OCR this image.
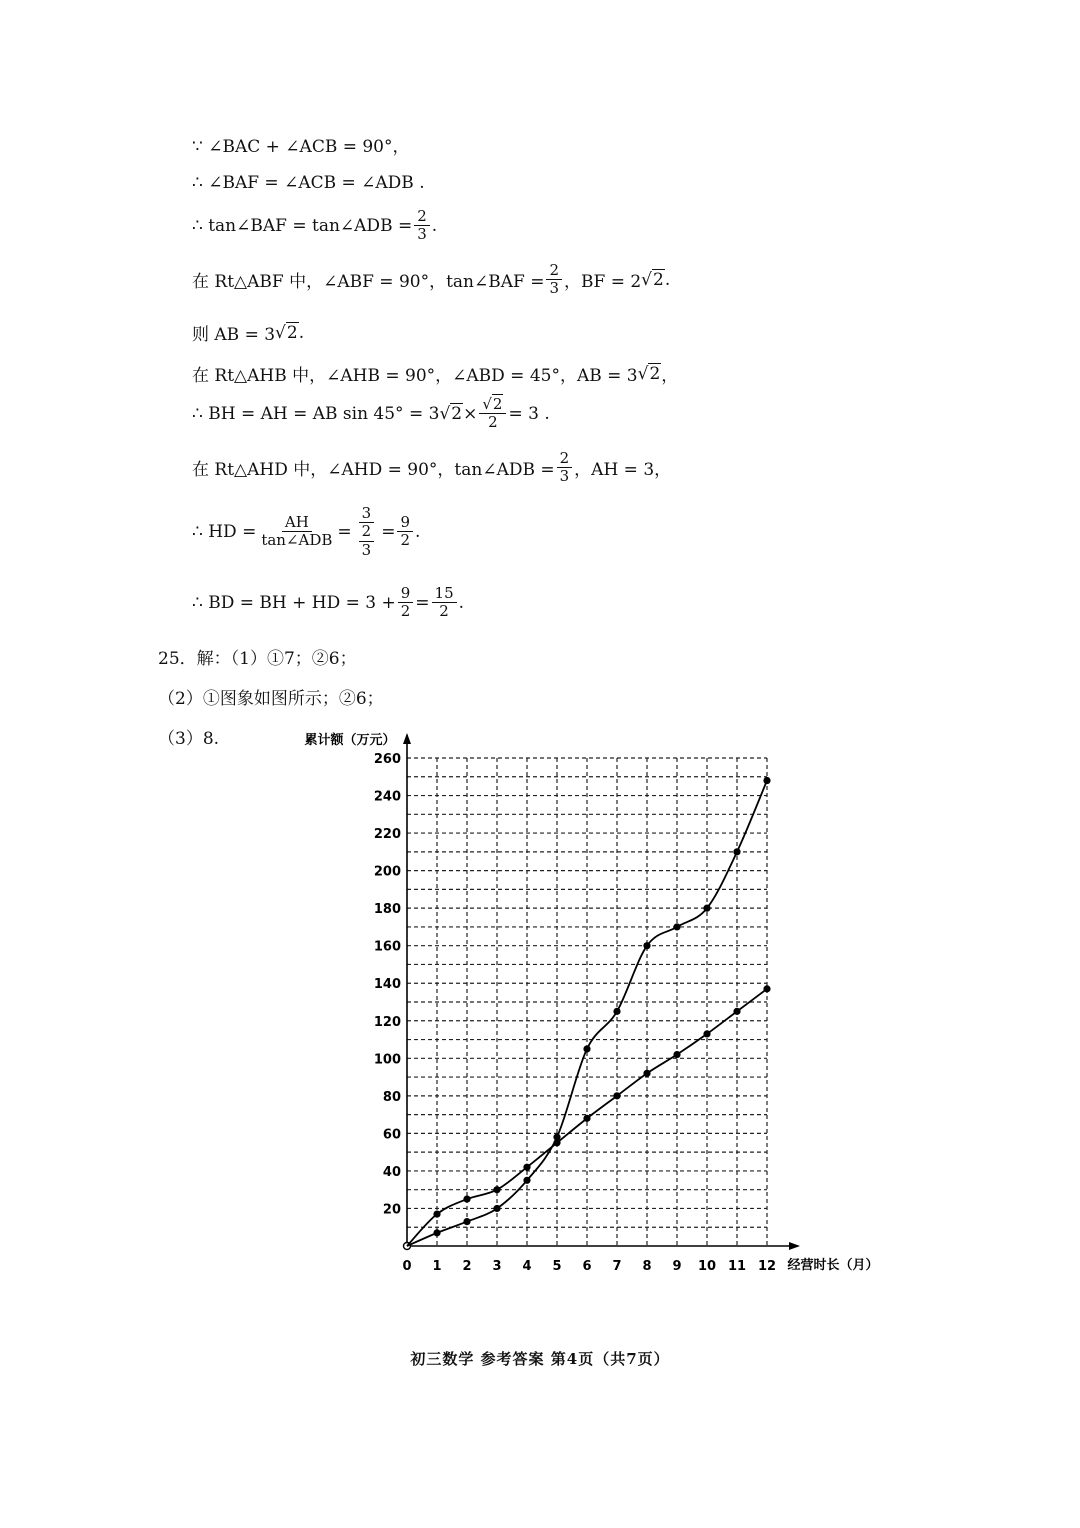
∵ ∠BAC + ∠ACB = 90°，
∴ ∠BAF = ∠ACB = ∠ADB .
∴ tan∠BAF = tan∠ADB = $\frac{2}{3}$ .
在 Rt△ABF 中，∠ABF = 90°，tan∠BAF = $\frac{2}{3}$ ，BF = 2 √2 .
则 AB = 3 √2 .
在 Rt△AHB 中，∠AHB = 90°，∠ABD = 45°，AB = 3 √2 ，
∴ BH = AH = AB sin 45° = 3 $√2 \times \frac{√2}{2} = 3$ .
在 Rt△AHD 中，∠AHD = 90°，tan∠ADB = $\frac{2}{3}$ ，AH = 3，
∴ HD = $\frac{AH}{\text{tan∠ADB}} = \frac{3}{\frac{2}{3}} = \frac{9}{2}$ .
∴ BD = BH + HD = $3 + \frac{9}{2} = \frac{15}{2}$ .
25．解：（1）①7；②6；
（2）①图象如图所示；②6；
（3）8.
0 1 2 3 4 5 6 7 8 9 10 11 12
20
40
60
80
100
120
140
160
180
200
220
240
260
累计额（万元）
经营时长（月）
初三数学 参考答案 第4页（共7页）
